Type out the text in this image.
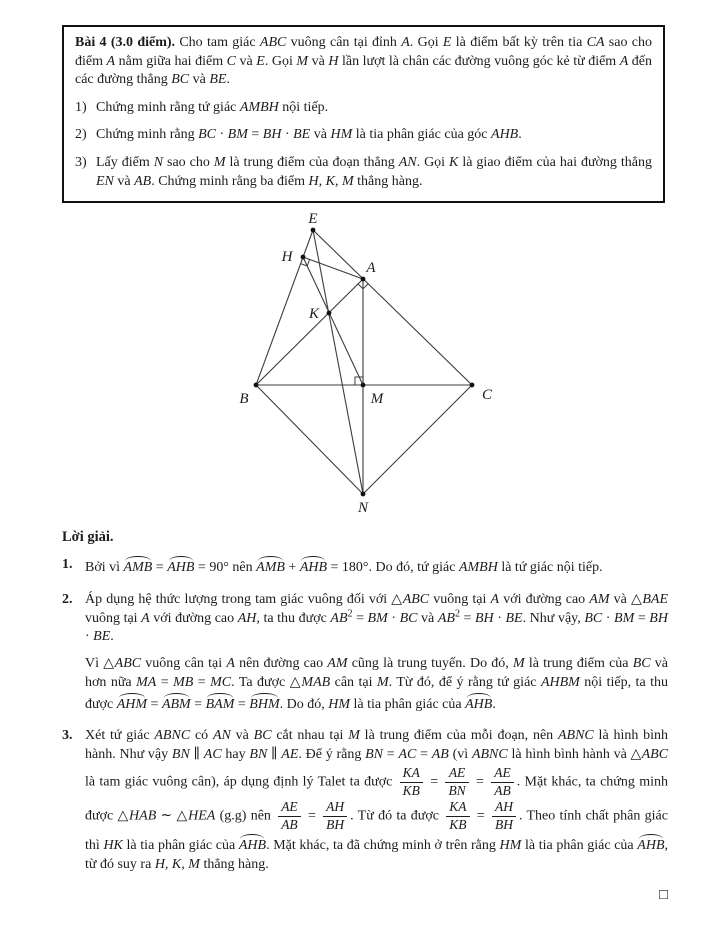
Bài 4 (3.0 điểm). Cho tam giác ABC vuông cân tại đỉnh A. Gọi E là điểm bất kỳ trên tia CA sao cho điểm A nằm giữa hai điểm C và E. Gọi M và H lần lượt là chân các đường vuông góc kẻ từ điểm A đến các đường thẳng BC và BE.

1) Chứng minh rằng tứ giác AMBH nội tiếp.
2) Chứng minh rằng BC · BM = BH · BE và HM là tia phân giác của góc AHB.
3) Lấy điểm N sao cho M là trung điểm của đoạn thẳng AN. Gọi K là giao điểm của hai đường thẳng EN và AB. Chứng minh rằng ba điểm H, K, M thẳng hàng.
E
H
A
K
B	M	C
N

Lời giải.

1. Bởi vì AMB = AHB = 90° nên AMB + AHB = 180°. Do đó, tứ giác AMBH là tứ giác nội tiếp.

2. Áp dụng hệ thức lượng trong tam giác vuông đối với △ABC vuông tại A với đường cao AM và △BAE vuông tại A với đường cao AH, ta thu được $AB^2$ = BM · BC và $AB^2$ = BH · BE. Như vậy, BC · BM = BH · BE.

Vì △ABC vuông cân tại A nên đường cao AM cũng là trung tuyến. Do đó, M là trung điểm của BC và hơn nữa MA = MB = MC. Ta được △MAB cân tại M. Từ đó, để ý rằng tứ giác AHBM nội tiếp, ta thu được AHM = ABM = BAM = BHM. Do đó, HM là tia phân giác của AHB.

3. Xét tứ giác ABNC có AN và BC cắt nhau tại M là trung điểm của mỗi đoạn, nên ABNC là hình bình hành. Như vậy BN ∥ AC hay BN ∥ AE. Để ý rằng BN = AC = AB (vì ABNC là hình bình hành và △ABC là tam giác vuông cân), áp dụng định lý Talet ta được $\frac{KA}{KB} = \frac{AE}{BN} = \frac{AE}{AB}$ . Mặt khác, ta chứng minh được △HAB ∼ △HEA (g.g) nên $\frac{AE}{AB} = \frac{AH}{BH}$ . Từ đó ta được $\frac{KA}{KB} = \frac{AH}{BH}$ . Theo tính chất phân giác thì HK là tia phân giác của AHB. Mặt khác, ta đã chứng minh ở trên rằng HM là tia phân giác của AHB, từ đó suy ra H, K, M thẳng hàng.

□
